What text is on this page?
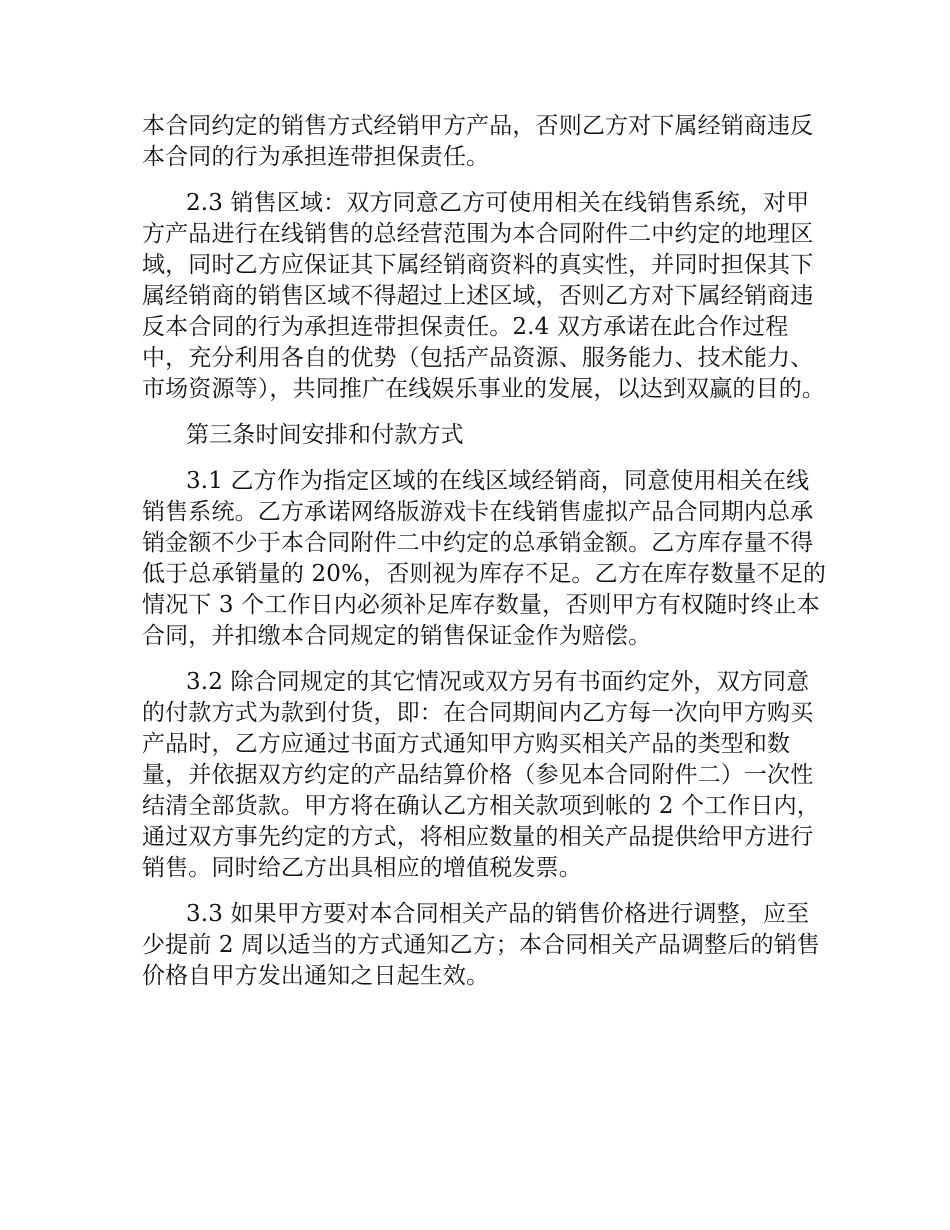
本合同约定的销售方式经销甲方产品，否则乙方对下属经销商违反本合同的行为承担连带担保责任。

2.3 销售区域：双方同意乙方可使用相关在线销售系统，对甲方产品进行在线销售的总经营范围为本合同附件二中约定的地理区域，同时乙方应保证其下属经销商资料的真实性，并同时担保其下属经销商的销售区域不得超过上述区域，否则乙方对下属经销商违反本合同的行为承担连带担保责任。2.4 双方承诺在此合作过程中，充分利用各自的优势（包括产品资源、服务能力、技术能力、市场资源等），共同推广在线娱乐事业的发展，以达到双赢的目的。

第三条时间安排和付款方式

3.1 乙方作为指定区域的在线区域经销商，同意使用相关在线销售系统。乙方承诺网络版游戏卡在线销售虚拟产品合同期内总承销金额不少于本合同附件二中约定的总承销金额。乙方库存量不得低于总承销量的 20%，否则视为库存不足。乙方在库存数量不足的情况下 3 个工作日内必须补足库存数量，否则甲方有权随时终止本合同，并扣缴本合同规定的销售保证金作为赔偿。

3.2 除合同规定的其它情况或双方另有书面约定外，双方同意的付款方式为款到付货，即：在合同期间内乙方每一次向甲方购买产品时，乙方应通过书面方式通知甲方购买相关产品的类型和数量，并依据双方约定的产品结算价格（参见本合同附件二）一次性结清全部货款。甲方将在确认乙方相关款项到帐的 2 个工作日内，通过双方事先约定的方式，将相应数量的相关产品提供给甲方进行销售。同时给乙方出具相应的增值税发票。

3.3 如果甲方要对本合同相关产品的销售价格进行调整，应至少提前 2 周以适当的方式通知乙方；本合同相关产品调整后的销售价格自甲方发出通知之日起生效。
